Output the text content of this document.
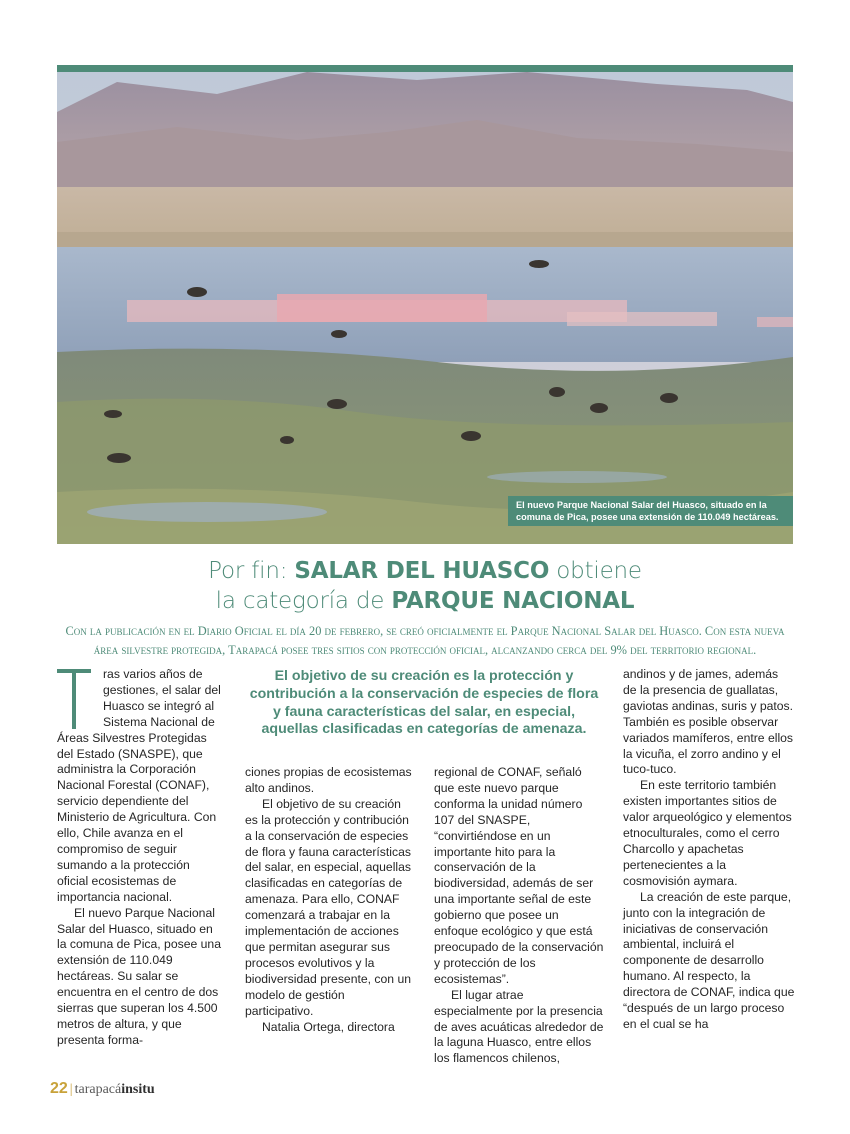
El nuevo Parque Nacional Salar del Huasco, situado en la comuna de Pica, posee una extensión de 110.049 hectáreas.
Por fin: SALAR DEL HUASCO obtiene
la categoría de PARQUE NACIONAL
Con la publicación en el Diario Oficial el día 20 de febrero, se creó oficialmente el Parque Nacional Salar del Huasco. Con esta nueva área silvestre protegida, Tarapacá posee tres sitios con protección oficial, alcanzando cerca del 9% del territorio regional.

ras varios años de gestiones, el salar del Huasco se integró al Sistema Nacional de Áreas Silvestres Protegidas del Estado (SNASPE), que administra la Corporación Nacional Forestal (CONAF), servicio dependiente del Ministerio de Agricultura. Con ello, Chile avanza en el compromiso de seguir sumando a la protección oficial ecosistemas de importancia nacional.

El nuevo Parque Nacional Salar del Huasco, situado en la comuna de Pica, posee una extensión de 110.049 hectáreas. Su salar se encuentra en el centro de dos sierras que superan los 4.500 metros de altura, y que presenta forma-

El objetivo de su creación es la protección y contribución a la conservación de especies de flora y fauna características del salar, en especial, aquellas clasificadas en categorías de amenaza.

ciones propias de ecosistemas alto andinos.

El objetivo de su creación es la protección y contribución a la conservación de especies de flora y fauna características del salar, en especial, aquellas clasificadas en categorías de amenaza. Para ello, CONAF comenzará a trabajar en la implementación de acciones que permitan asegurar sus procesos evolutivos y la biodiversidad presente, con un modelo de gestión participativo.

Natalia Ortega, directora

regional de CONAF, señaló que este nuevo parque conforma la unidad número 107 del SNASPE, “convirtiéndose en un importante hito para la conservación de la biodiversidad, además de ser una importante señal de este gobierno que posee un enfoque ecológico y que está preocupado de la conservación y protección de los ecosistemas”.

El lugar atrae especialmente por la presencia de aves acuáticas alrededor de la laguna Huasco, entre ellos los flamencos chilenos,

andinos y de james, además de la presencia de guallatas, gaviotas andinas, suris y patos. También es posible observar variados mamíferos, entre ellos la vicuña, el zorro andino y el tuco-tuco.

En este territorio también existen importantes sitios de valor arqueológico y elementos etnoculturales, como el cerro Charcollo y apachetas pertenecientes a la cosmovisión aymara.

La creación de este parque, junto con la integración de iniciativas de conservación ambiental, incluirá el componente de desarrollo humano. Al respecto, la directora de CONAF, indica que “después de un largo proceso en el cual se ha

22 | tarapacáinsitu
